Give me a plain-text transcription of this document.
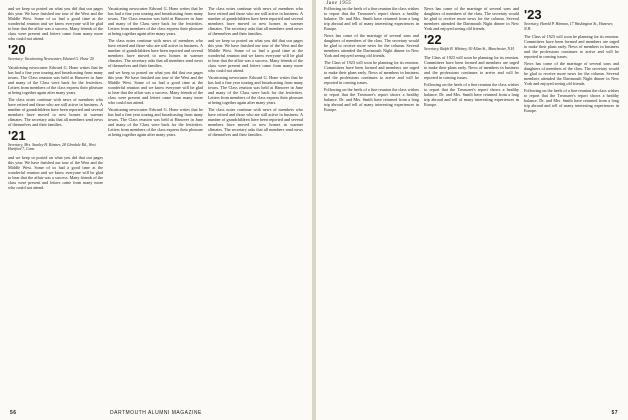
and we keep so posted on what you did that our pages this year. We have finished our tour of the West and the Middle West. Some of us had a good time at the wonderful reunion and we know everyone will be glad to hear that the affair was a success. Many friends of the class were present and letters came from many more who could not attend.

'20
Secretary: Vacationing Newscaster, Edward G. Hone '20

Vacationing newscaster Edward G. Hone writes that he has had a fine year touring and broadcasting from many towns. The Class reunion was held at Hanover in June and many of the Class were back for the festivities. Letters from members of the class express their pleasure at being together again after many years.

The class notes continue with news of members who have retired and those who are still active in business. A number of grandchildren have been reported and several members have moved to new homes in warmer climates. The secretary asks that all members send news of themselves and their families.

'21
Secretary, Mrs. Stanley H. Kintner, 28 Glendale Rd., West Hartford 7, Conn.

and we keep so posted on what you did that our pages this year. We have finished our tour of the West and the Middle West. Some of us had a good time at the wonderful reunion and we know everyone will be glad to hear that the affair was a success. Many friends of the class were present and letters came from many more who could not attend.

Vacationing newscaster Edward G. Hone writes that he has had a fine year touring and broadcasting from many towns. The Class reunion was held at Hanover in June and many of the Class were back for the festivities. Letters from members of the class express their pleasure at being together again after many years.

The class notes continue with news of members who have retired and those who are still active in business. A number of grandchildren have been reported and several members have moved to new homes in warmer climates. The secretary asks that all members send news of themselves and their families.

and we keep so posted on what you did that our pages this year. We have finished our tour of the West and the Middle West. Some of us had a good time at the wonderful reunion and we know everyone will be glad to hear that the affair was a success. Many friends of the class were present and letters came from many more who could not attend.

Vacationing newscaster Edward G. Hone writes that he has had a fine year touring and broadcasting from many towns. The Class reunion was held at Hanover in June and many of the Class were back for the festivities. Letters from members of the class express their pleasure at being together again after many years.

The class notes continue with news of members who have retired and those who are still active in business. A number of grandchildren have been reported and several members have moved to new homes in warmer climates. The secretary asks that all members send news of themselves and their families.

and we keep so posted on what you did that our pages this year. We have finished our tour of the West and the Middle West. Some of us had a good time at the wonderful reunion and we know everyone will be glad to hear that the affair was a success. Many friends of the class were present and letters came from many more who could not attend.

Vacationing newscaster Edward G. Hone writes that he has had a fine year touring and broadcasting from many towns. The Class reunion was held at Hanover in June and many of the Class were back for the festivities. Letters from members of the class express their pleasure at being together again after many years.

The class notes continue with news of members who have retired and those who are still active in business. A number of grandchildren have been reported and several members have moved to new homes in warmer climates. The secretary asks that all members send news of themselves and their families.

56	DARTMOUTH ALUMNI MAGAZINE

Following on the heels of a fine reunion the class wishes to report that the Treasurer's report shows a healthy balance. Dr. and Mrs. Smith have returned from a long trip abroad and tell of many interesting experiences in Europe.

News has come of the marriage of several sons and daughters of members of the class. The secretary would be glad to receive more news for the column. Several members attended the Dartmouth Night dinner in New York and enjoyed seeing old friends.

The Class of 1923 will soon be planning for its reunion. Committees have been formed and members are urged to make their plans early. News of members in business and the professions continues to arrive and will be reported in coming issues.

Following on the heels of a fine reunion the class wishes to report that the Treasurer's report shows a healthy balance. Dr. and Mrs. Smith have returned from a long trip abroad and tell of many interesting experiences in Europe.

News has come of the marriage of several sons and daughters of members of the class. The secretary would be glad to receive more news for the column. Several members attended the Dartmouth Night dinner in New York and enjoyed seeing old friends.

'22
Secretary, Ralph B. Whitney, 50 Allan St., Manchester, N.H.

The Class of 1923 will soon be planning for its reunion. Committees have been formed and members are urged to make their plans early. News of members in business and the professions continues to arrive and will be reported in coming issues.

Following on the heels of a fine reunion the class wishes to report that the Treasurer's report shows a healthy balance. Dr. and Mrs. Smith have returned from a long trip abroad and tell of many interesting experiences in Europe.

'23
Secretary, Harold P. Hinman, 17 Washington St., Hanover, N.H.

The Class of 1923 will soon be planning for its reunion. Committees have been formed and members are urged to make their plans early. News of members in business and the professions continues to arrive and will be reported in coming issues.

News has come of the marriage of several sons and daughters of members of the class. The secretary would be glad to receive more news for the column. Several members attended the Dartmouth Night dinner in New York and enjoyed seeing old friends.

Following on the heels of a fine reunion the class wishes to report that the Treasurer's report shows a healthy balance. Dr. and Mrs. Smith have returned from a long trip abroad and tell of many interesting experiences in Europe.

June 1955
57
